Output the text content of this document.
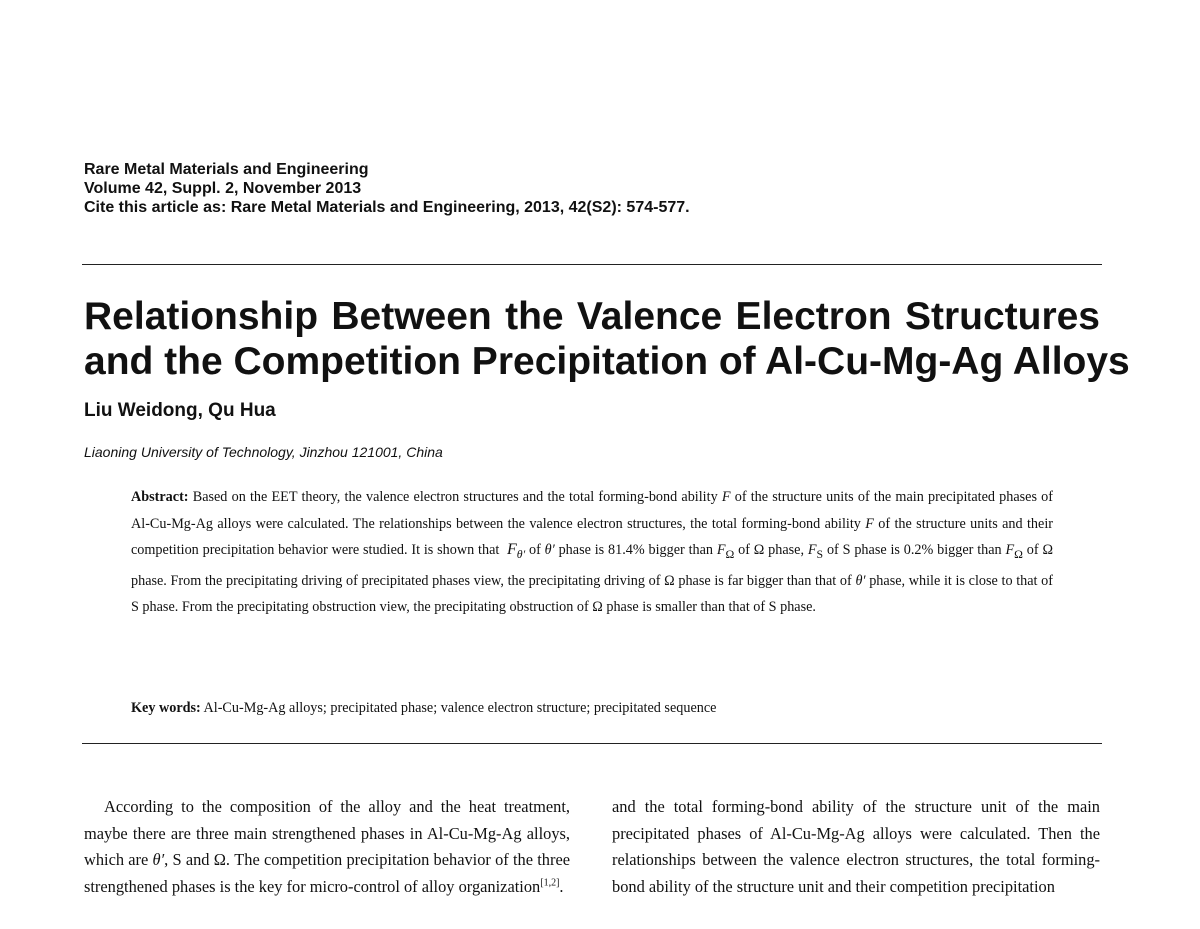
Rare Metal Materials and Engineering
Volume 42, Suppl. 2, November 2013
Cite this article as: Rare Metal Materials and Engineering, 2013, 42(S2): 574-577.
Relationship Between the Valence Electron Structures
and the Competition Precipitation of Al-Cu-Mg-Ag Alloys
Liu Weidong, Qu Hua
Liaoning University of Technology, Jinzhou 121001, China

Abstract: Based on the EET theory, the valence electron structures and the total forming-bond ability F of the structure units of the main precipitated phases of Al-Cu-Mg-Ag alloys were calculated. The relationships between the valence electron structures, the total forming-bond ability F of the structure units and their competition precipitation behavior were studied. It is shown that  $F_{\theta'}$ of θ′ phase is 81.4% bigger than $F_\Omega$ of Ω phase, $F_S$ of S phase is 0.2% bigger than $F_\Omega$ of Ω phase. From the precipitating driving of precipitated phases view, the precipitating driving of Ω phase is far bigger than that of θ′ phase, while it is close to that of S phase. From the precipitating obstruction view, the precipitating obstruction of Ω phase is smaller than that of S phase.

Key words: Al-Cu-Mg-Ag alloys; precipitated phase; valence electron structure; precipitated sequence

According to the composition of the alloy and the heat treatment, maybe there are three main strengthened phases in Al-Cu-Mg-Ag alloys, which are θ′, S and Ω. The competition precipitation behavior of the three strengthened phases is the key for micro-control of alloy organization[1,2].

and the total forming-bond ability of the structure unit of the main precipitated phases of Al-Cu-Mg-Ag alloys were calculated. Then the relationships between the valence electron structures, the total forming-bond ability of the structure unit and their competition precipitation
